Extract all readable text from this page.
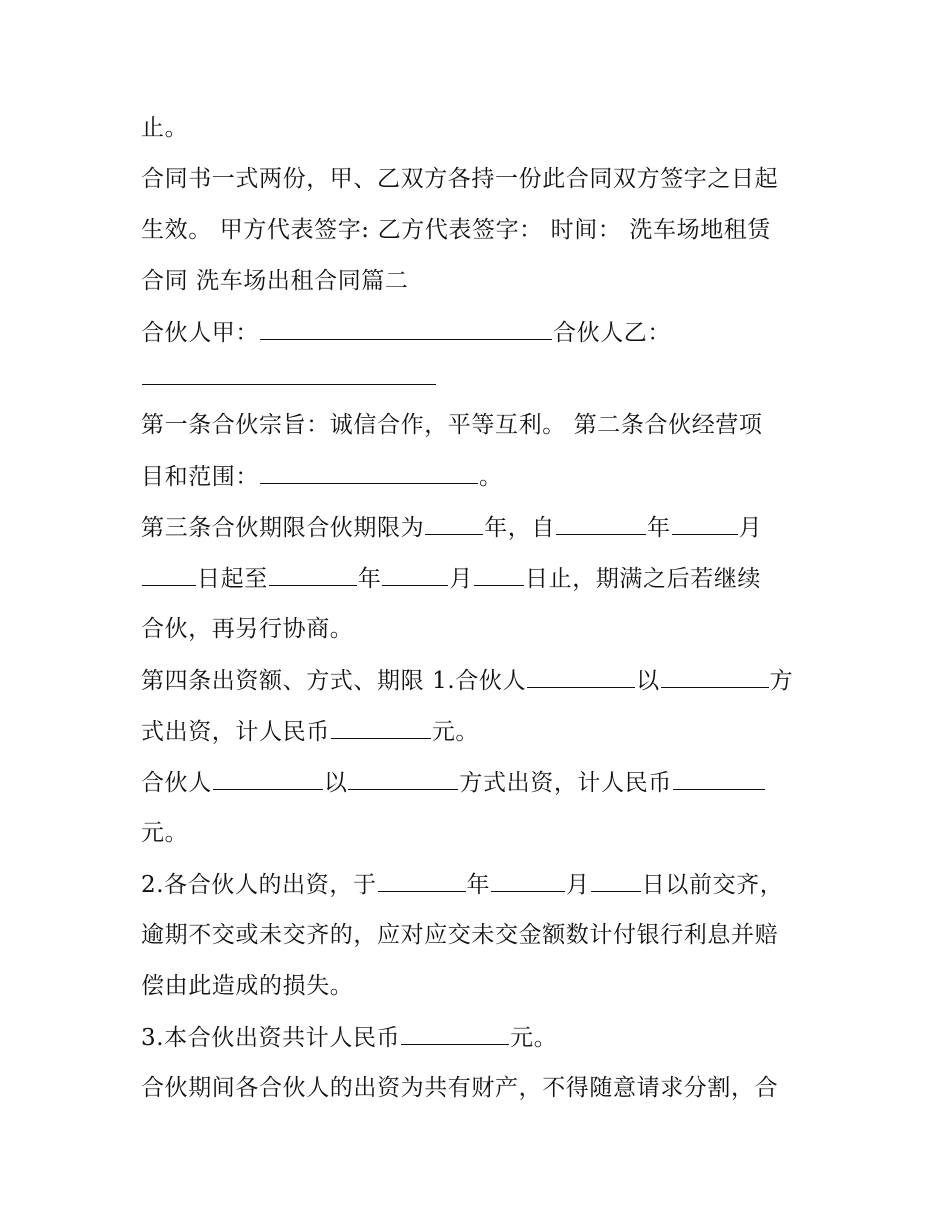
止。
合同书一式两份，甲、乙双方各持一份此合同双方签字之日起
生效。 甲方代表签字: 乙方代表签字： 时间： 洗车场地租赁
合同 洗车场出租合同篇二
合伙人甲：	合伙人乙：
第一条合伙宗旨：诚信合作，平等互利。 第二条合伙经营项
目和范围：	。
第三条合伙期限合伙期限为	年，自	年	月
日起至	年	月 日止，期满之后若继续
合伙，再另行协商。
第四条出资额、方式、期限 1.合伙人	以	方
式出资，计人民币	元。
合伙人	以	方式出资，计人民币
元。
2.各合伙人的出资，于	年	月 日以前交齐，
逾期不交或未交齐的，应对应交未交金额数计付银行利息并赔
偿由此造成的损失。
3.本合伙出资共计人民币	元。
合伙期间各合伙人的出资为共有财产，不得随意请求分割，合
